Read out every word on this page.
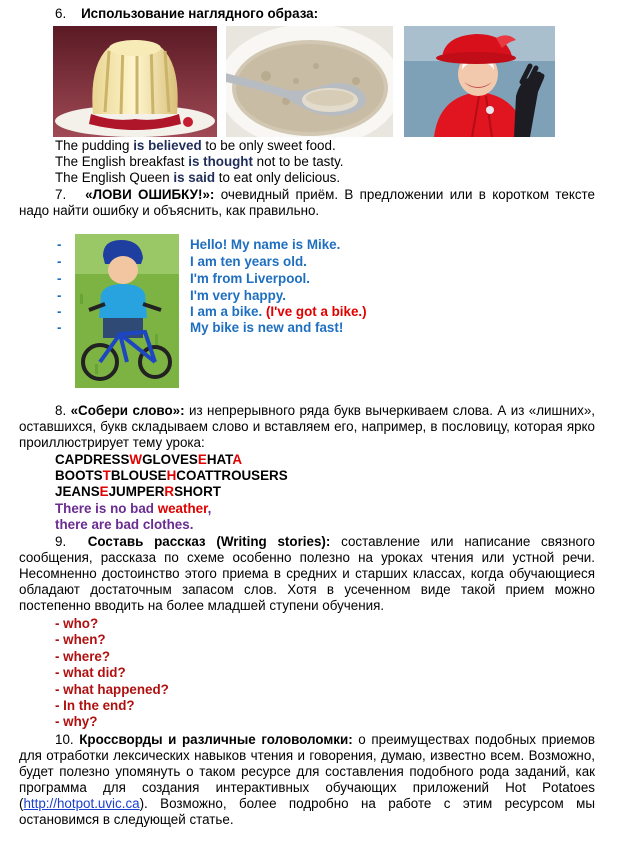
6. Использование наглядного образа:
The pudding is believed to be only sweet food.
The English breakfast is thought not to be tasty.
The English Queen is said to eat only delicious.
7. «ЛОВИ ОШИБКУ!»: очевидный приём. В предложении или в коротком тексте надо найти ошибку и объяснить, как правильно.
-
-
-
-
-
-
Hello! My name is Mike.
I am ten years old.
I'm from Liverpool.
I'm very happy.
I am a bike. (I've got a bike.)
My bike is new and fast!
8. «Собери слово»: из непрерывного ряда букв вычеркиваем слова. А из «лишних», оставшихся, букв складываем слово и вставляем его, например, в пословицу, которая ярко проиллюстрирует тему урока:
CAPDRESSWGLOVESEHATA
BOOTSTBLOUSEHCOATTROUSERS
JEANSEJUMPERRSHORT
There is no bad weather,
there are bad clothes.
9. Составь рассказ (Writing stories): составление или написание связного сообщения, рассказа по схеме особенно полезно на уроках чтения или устной речи. Несомненно достоинство этого приема в средних и старших классах, когда обучающиеся обладают достаточным запасом слов. Хотя в усеченном виде такой прием можно постепенно вводить на более младшей ступени обучения.
- who?
- when?
- where?
- what did?
- what happened?
- In the end?
- why?
10. Кроссворды и различные головоломки: о преимуществах подобных приемов для отработки лексических навыков чтения и говорения, думаю, известно всем. Возможно, будет полезно упомянуть о таком ресурсе для составления подобного рода заданий, как программа для создания интерактивных обучающих приложений Hot Potatoes (http://hotpot.uvic.ca). Возможно, более подробно на работе с этим ресурсом мы остановимся в следующей статье.
